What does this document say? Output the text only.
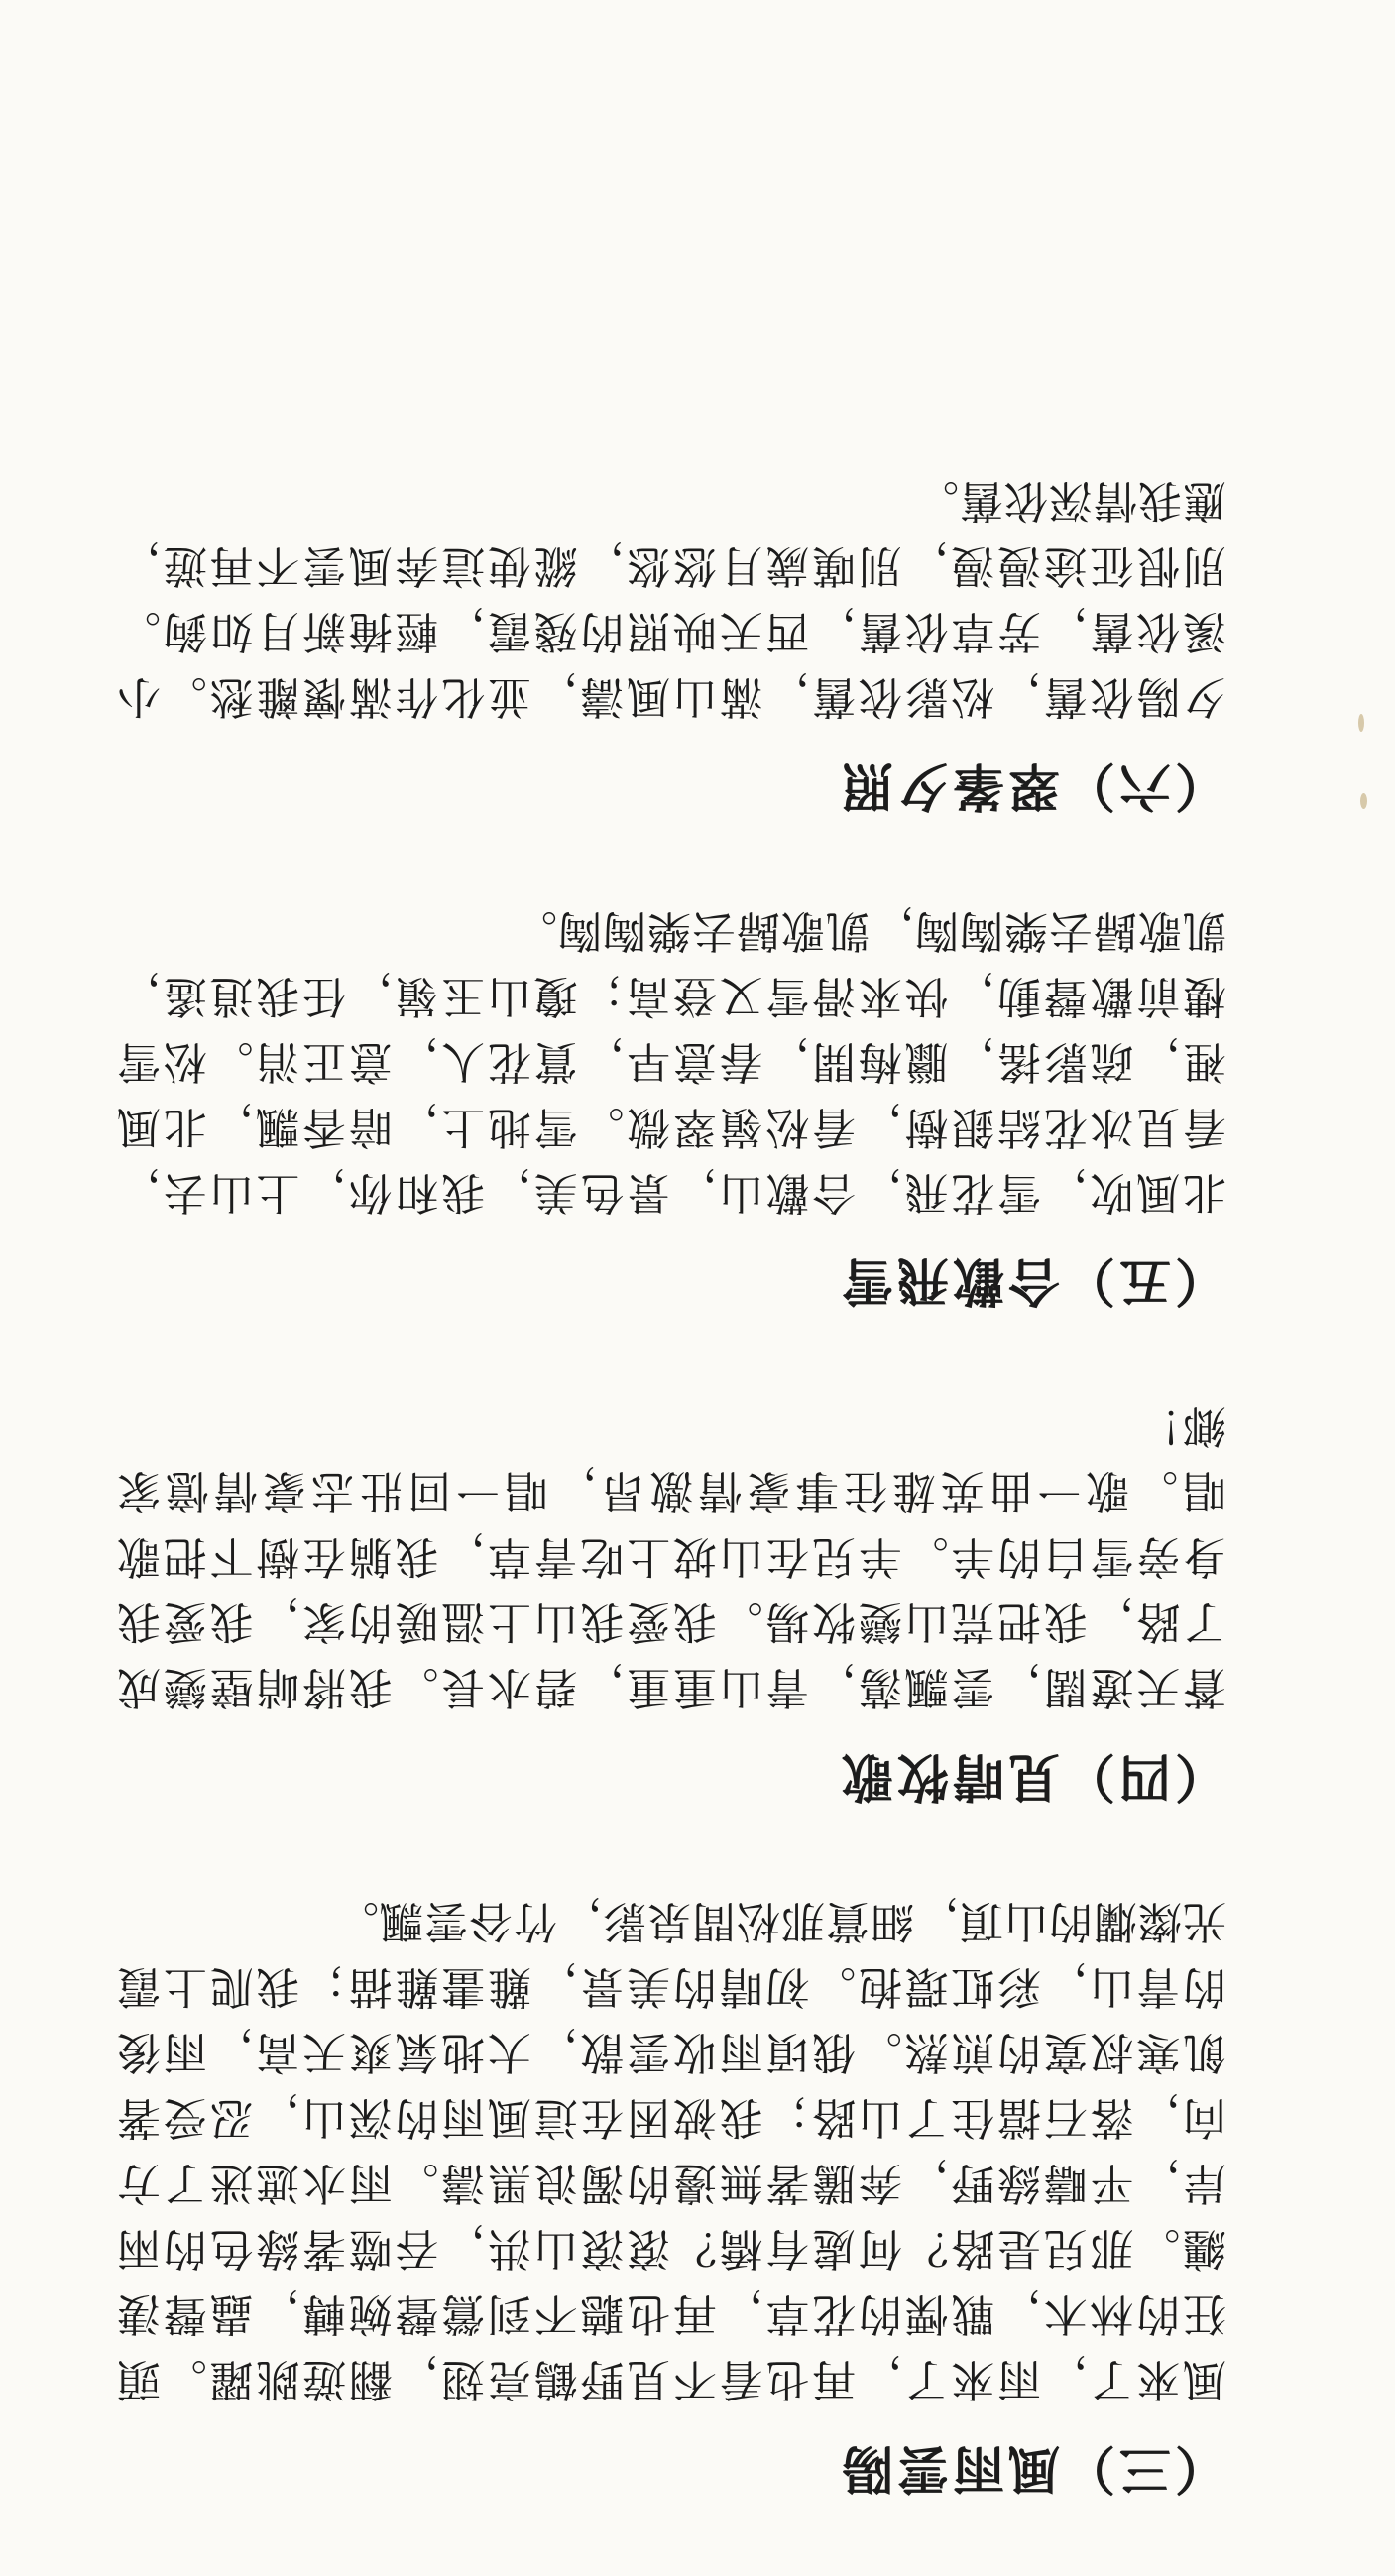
（三）風雨雲陽

風來了，雨來了，再也看不見野鶴亮翅，翻遊跳躍。頭狂的林木，戰慄的花草，再也聽不到鶯聲婉轉，蟲聲淒纏。那兒是路？何處有橋？滾滾山洪，吞噬著綠色的兩岸，平疇綠野，奔騰著無邊的濁浪黑濤。雨水遮迷了方向，落石擋住了山路；我被困在這風雨的深山，忍受著飢寒叔寞的煎熬。俄頃雨收雲散，大地氣爽天高，雨後的青山，彩虹環抱。初晴的美景，難畫難描；我爬上霞光燦爛的山頂，細賞那松間泉影，竹谷雲飄。

（四）見晴牧歌

蒼天遼闊，雲飄蕩，青山重重，碧水長。我將峭壁變成了路，我把荒山變牧場。我愛我山上溫暖的家，我愛我身旁雪白的羊。羊兒在山坡上吃青草，我躺在樹下把歌唱。歌一曲英雄往事豪情激昂，唱一回壯志豪情憶家鄉！

（五）合歡飛雪

北風吹，雪花飛，合歡山，景色美，我和你，上山去，看見冰花結銀樹，看松嶺翠微。雪地上，暗香飄，北風裡，疏影搖，臘梅開，春意早，賞花人，意正消。松雪樓前歡聲動，快來滑雪又登高；瓊山玉嶺，任我逍遙，凱歌歸去樂陶陶，凱歌歸去樂陶陶。

（六）翠峯夕照

夕陽依舊，松影依舊，滿山風濤，並化作滿懷離愁。小溪依舊，芳草依舊，西天映照的殘霞，輕掩新月如鉤。別恨征途漫漫，別嘆歲月悠悠，縱使這奔風雲不再遊，應我情深依舊。
